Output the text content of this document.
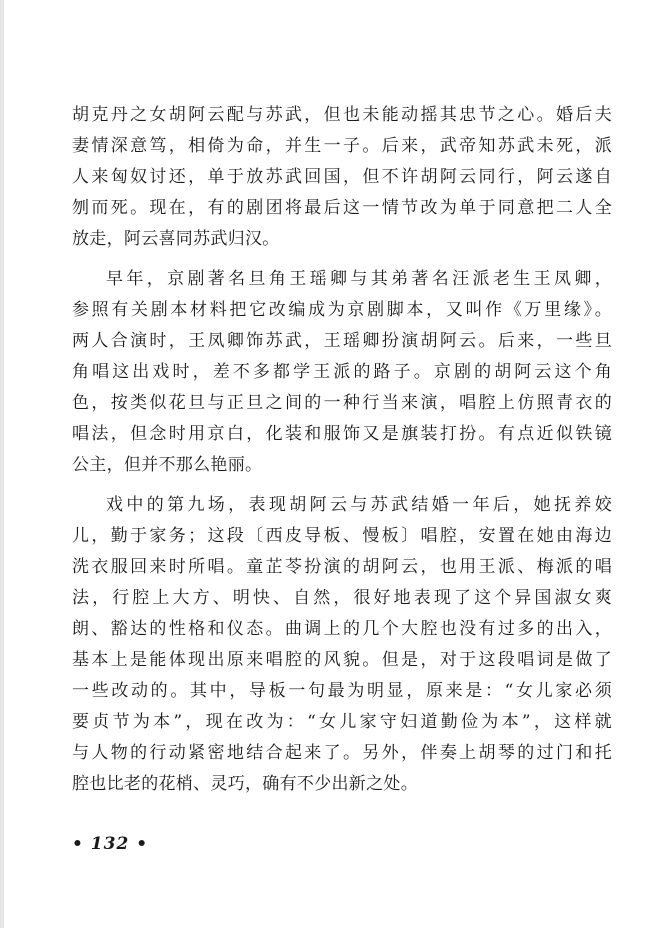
胡克丹之女胡阿云配与苏武，但也未能动摇其忠节之心。婚后夫
妻情深意笃，相倚为命，并生一子。后来，武帝知苏武未死，派
人来匈奴讨还，单于放苏武回国，但不许胡阿云同行，阿云遂自
刎而死。现在，有的剧团将最后这一情节改为单于同意把二人全
放走，阿云喜同苏武归汉。
早年，京剧著名旦角王瑶卿与其弟著名汪派老生王凤卿，
参照有关剧本材料把它改编成为京剧脚本，又叫作《万里缘》。
两人合演时，王凤卿饰苏武，王瑶卿扮演胡阿云。后来，一些旦
角唱这出戏时，差不多都学王派的路子。京剧的胡阿云这个角
色，按类似花旦与正旦之间的一种行当来演，唱腔上仿照青衣的
唱法，但念时用京白，化装和服饰又是旗装打扮。有点近似铁镜
公主，但并不那么艳丽。
戏中的第九场，表现胡阿云与苏武结婚一年后，她抚养姣
儿，勤于家务；这段〔西皮导板、慢板〕唱腔，安置在她由海边
洗衣服回来时所唱。童芷苓扮演的胡阿云，也用王派、梅派的唱
法，行腔上大方、明快、自然，很好地表现了这个异国淑女爽
朗、豁达的性格和仪态。曲调上的几个大腔也没有过多的出入，
基本上是能体现出原来唱腔的风貌。但是，对于这段唱词是做了
一些改动的。其中，导板一句最为明显，原来是：“女儿家必须
要贞节为本”，现在改为：“女儿家守妇道勤俭为本”，这样就
与人物的行动紧密地结合起来了。另外，伴奏上胡琴的过门和托
腔也比老的花梢、灵巧，确有不少出新之处。
• 132 •
